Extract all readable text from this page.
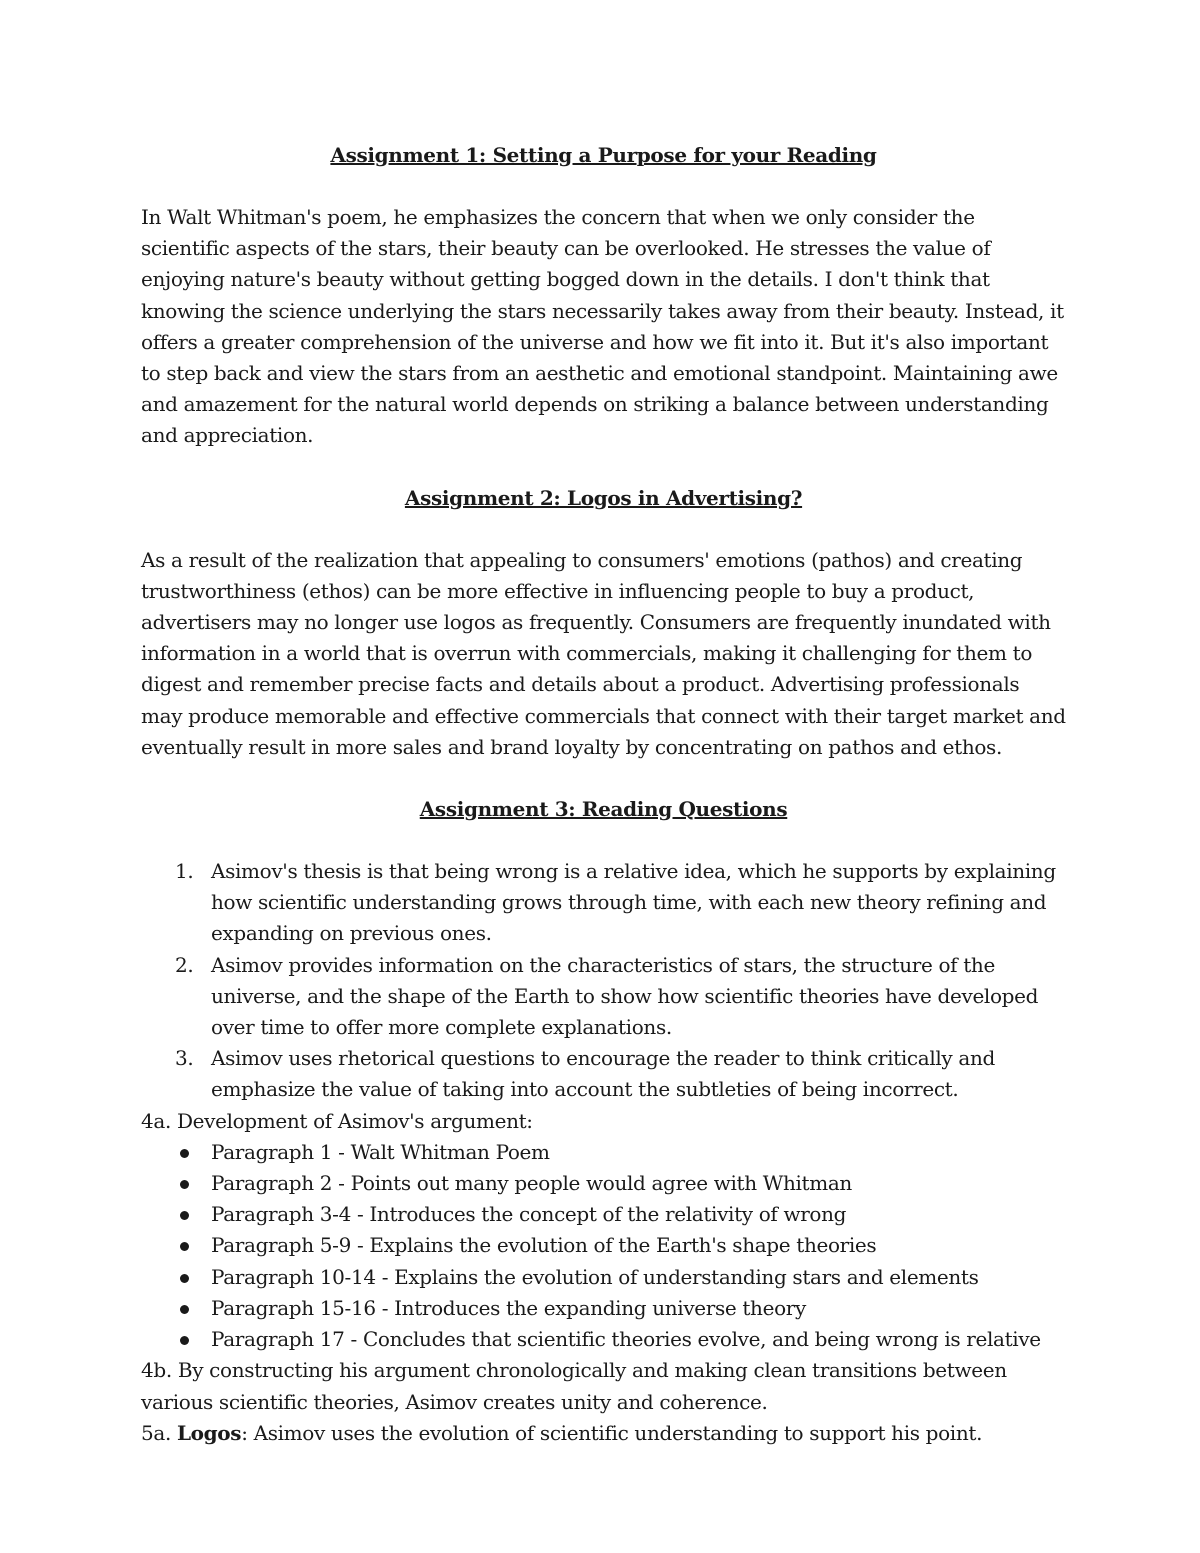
Assignment 1: Setting a Purpose for your Reading

In Walt Whitman's poem, he emphasizes the concern that when we only consider the scientific aspects of the stars, their beauty can be overlooked. He stresses the value of enjoying nature's beauty without getting bogged down in the details. I don't think that knowing the science underlying the stars necessarily takes away from their beauty. Instead, it offers a greater comprehension of the universe and how we fit into it. But it's also important to step back and view the stars from an aesthetic and emotional standpoint. Maintaining awe and amazement for the natural world depends on striking a balance between understanding and appreciation.

Assignment 2: Logos in Advertising?

As a result of the realization that appealing to consumers' emotions (pathos) and creating trustworthiness (ethos) can be more effective in influencing people to buy a product, advertisers may no longer use logos as frequently. Consumers are frequently inundated with information in a world that is overrun with commercials, making it challenging for them to digest and remember precise facts and details about a product. Advertising professionals may produce memorable and effective commercials that connect with their target market and eventually result in more sales and brand loyalty by concentrating on pathos and ethos.

Assignment 3: Reading Questions

1. Asimov's thesis is that being wrong is a relative idea, which he supports by explaining how scientific understanding grows through time, with each new theory refining and expanding on previous ones.
2. Asimov provides information on the characteristics of stars, the structure of the universe, and the shape of the Earth to show how scientific theories have developed over time to offer more complete explanations.
3. Asimov uses rhetorical questions to encourage the reader to think critically and emphasize the value of taking into account the subtleties of being incorrect.

4a. Development of Asimov's argument:

Paragraph 1 - Walt Whitman Poem
Paragraph 2 - Points out many people would agree with Whitman
Paragraph 3-4 - Introduces the concept of the relativity of wrong
Paragraph 5-9 - Explains the evolution of the Earth's shape theories
Paragraph 10-14 - Explains the evolution of understanding stars and elements
Paragraph 15-16 - Introduces the expanding universe theory
Paragraph 17 - Concludes that scientific theories evolve, and being wrong is relative

4b. By constructing his argument chronologically and making clean transitions between various scientific theories, Asimov creates unity and coherence.

5a. Logos: Asimov uses the evolution of scientific understanding to support his point.
